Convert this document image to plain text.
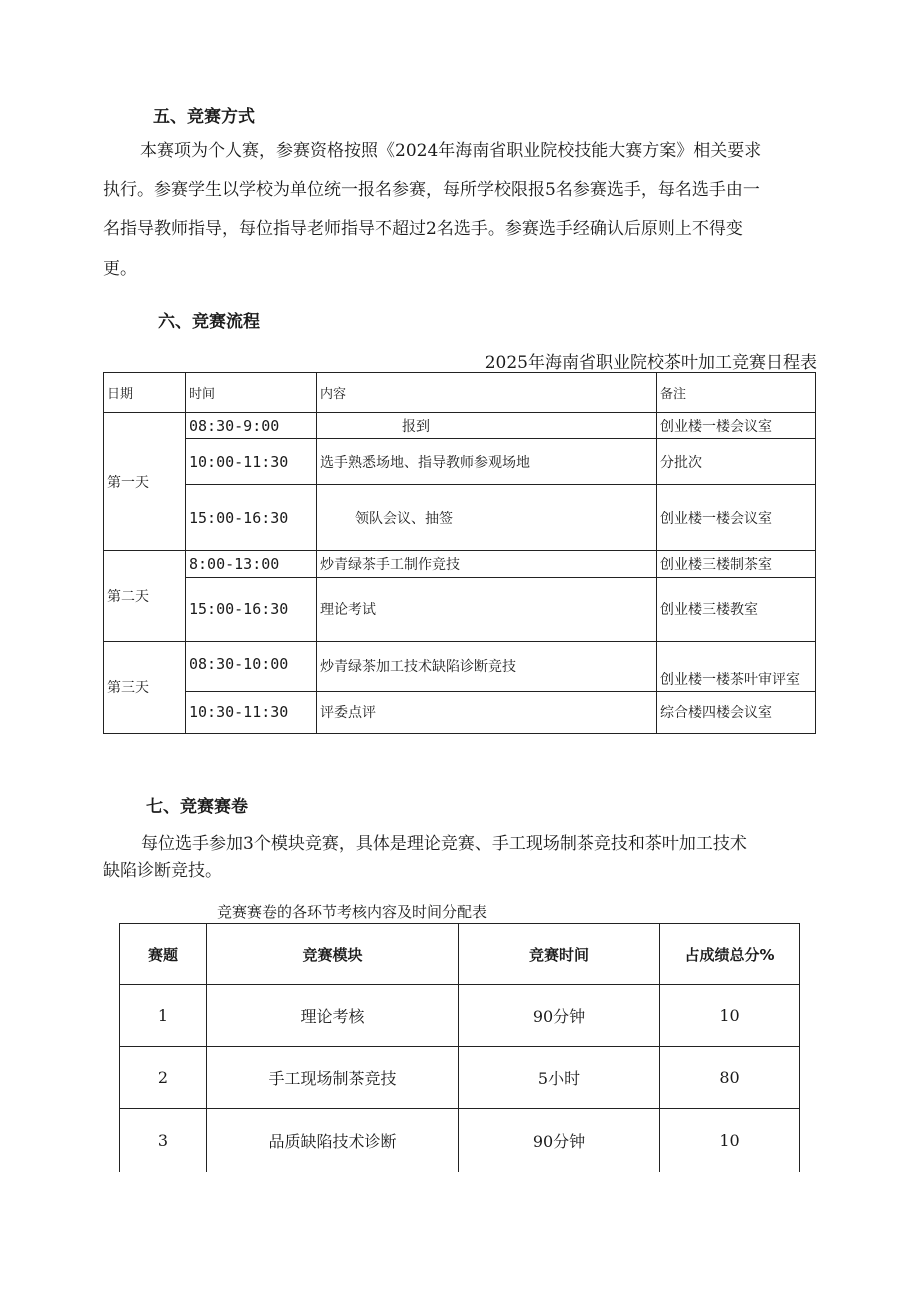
五、竞赛方式
本赛项为个人赛，参赛资格按照《2024年海南省职业院校技能大赛方案》相关要求
执行。参赛学生以学校为单位统一报名参赛，每所学校限报5名参赛选手，每名选手由一
名指导教师指导，每位指导老师指导不超过2名选手。参赛选手经确认后原则上不得变
更。
六、竞赛流程
2025年海南省职业院校茶叶加工竞赛日程表
日期	时间	内容	备注
第一天	08:30-9:00	报到	创业楼一楼会议室
	10:00-11:30	选手熟悉场地、指导教师参观场地	分批次
	15:00-16:30	领队会议、抽签	创业楼一楼会议室
第二天	8:00-13:00	炒青绿茶手工制作竞技	创业楼三楼制茶室
	15:00-16:30	理论考试	创业楼三楼教室
第三天	08:30-10:00	炒青绿茶加工技术缺陷诊断竞技	创业楼一楼茶叶审评室
	10:30-11:30	评委点评	综合楼四楼会议室
七、竞赛赛卷
每位选手参加3个模块竞赛，具体是理论竞赛、手工现场制茶竞技和茶叶加工技术
缺陷诊断竞技。
竞赛赛卷的各环节考核内容及时间分配表
赛题	竞赛模块	竞赛时间	占成绩总分%
1	理论考核	90分钟	10
2	手工现场制茶竞技	5小时	80
3	品质缺陷技术诊断	90分钟	10
